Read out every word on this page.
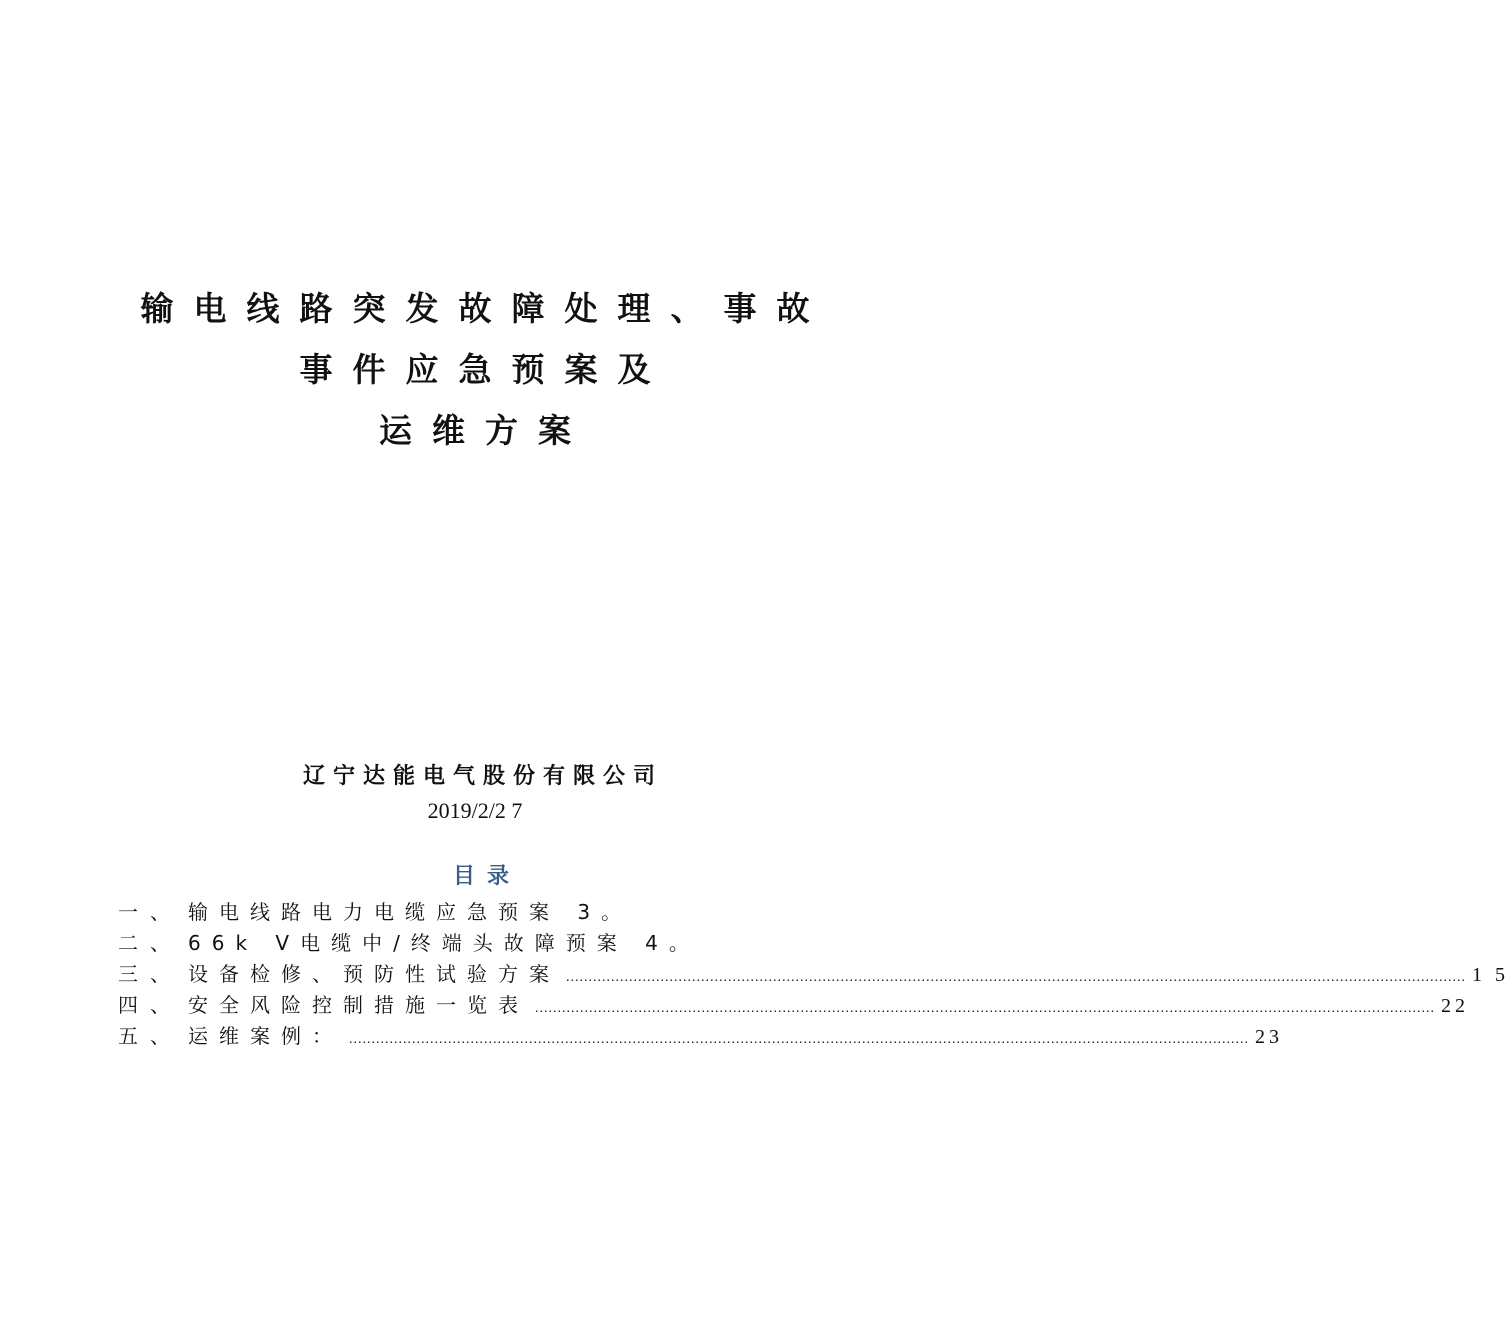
输电线路突发故障处理、事故
事件应急预案及
运维方案
辽宁达能电气股份有限公司
2019/2/2 7
目录
一、 输电线路电力电缆应急预案 3。
二、 66k V电缆中/终端头故障预案 4。
三、 设备检修、预防性试验方案 ........................................................................................................................................................................................................ 1 5
四、 安全风险控制措施一览表 ........................................................................................................................................................................................................ 22
五、 运维案例： ........................................................................................................................................................................................................ 23
